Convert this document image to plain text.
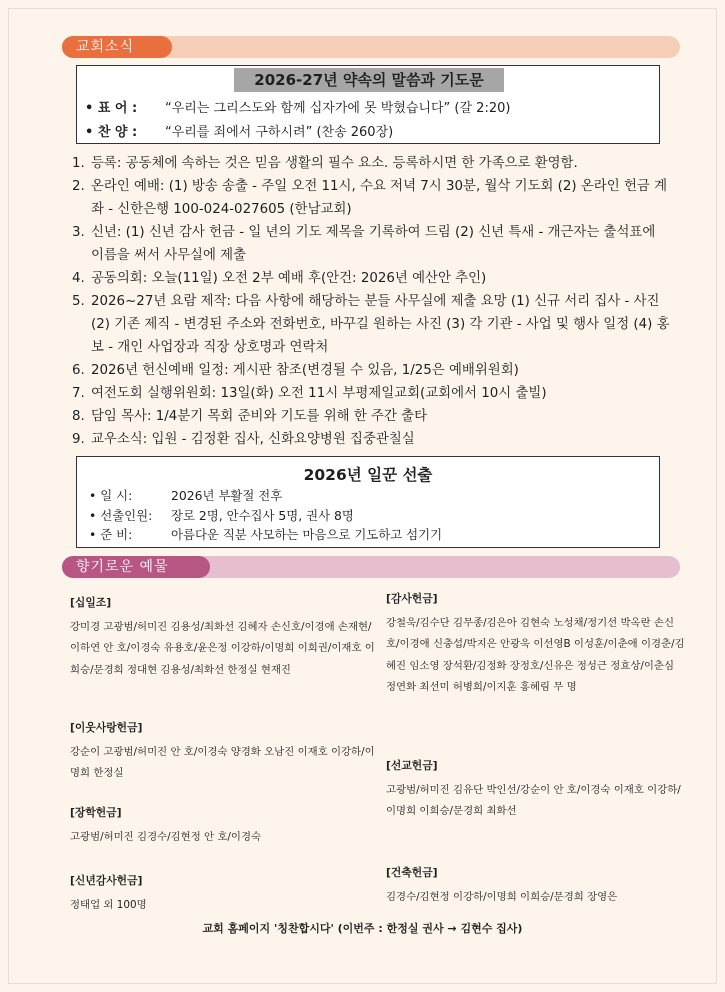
교회소식
2026-27년 약속의 말씀과 기도문
• 표 어 : “우리는 그리스도와 함께 십자가에 못 박혔습니다” (갈 2:20)
• 찬 양 : “우리를 죄에서 구하시려” (찬송 260장)
1. 등록: 공동체에 속하는 것은 믿음 생활의 필수 요소. 등록하시면 한 가족으로 환영함.
2. 온라인 예배: (1) 방송 송출 - 주일 오전 11시, 수요 저녁 7시 30분, 월삭 기도회 (2) 온라인 헌금 계좌 - 신한은행 100-024-027605 (한남교회)
3. 신년: (1) 신년 감사 헌금 - 일 년의 기도 제목을 기록하여 드림 (2) 신년 특새 - 개근자는 출석표에 이름을 써서 사무실에 제출
4. 공동의회: 오늘(11일) 오전 2부 예배 후(안건: 2026년 예산안 추인)
5. 2026~27년 요람 제작: 다음 사항에 해당하는 분들 사무실에 제출 요망 (1) 신규 서리 집사 - 사진 (2) 기존 제직 - 변경된 주소와 전화번호, 바꾸길 원하는 사진 (3) 각 기관 - 사업 및 행사 일정 (4) 홍보 - 개인 사업장과 직장 상호명과 연락처
6. 2026년 헌신예배 일정: 게시판 참조(변경될 수 있음, 1/25은 예배위원회)
7. 여전도회 실행위원회: 13일(화) 오전 11시 부평제일교회(교회에서 10시 출빌)
8. 담임 목사: 1/4분기 목회 준비와 기도를 위해 한 주간 출타
9. 교우소식: 입원 - 김정환 집사, 신화요양병원 집중관칠실
2026년 일꾼 선출
• 일 시:	2026년 부활절 전후
• 선출인원: 장로 2명, 안수집사 5명, 권사 8명
• 준 비:	아름다운 직분 사모하는 마음으로 기도하고 섬기기
향기로운 예물
[십일조]
강미경 고광범/허미진 김용성/최화선 김혜자 손신호/이경애 손재현/이하연 안 호/이경숙 유용호/윤은정 이강하/이명희 이희권/이재호 이희승/문경희 정대현 김용성/최화선 한정실 현재진
[이웃사랑헌금]
강순이 고광범/허미진 안 호/이경숙 양경화 오남진 이재호 이강하/이명희 한정실
[장학헌금]
고광범/허미진 김경수/김현정 안 호/이경숙
[신년감사헌금]
정태업 외 100명
[감사헌금]
강철욱/김수단 김무종/김은아 김현숙 노성채/정기선 박옥란 손신호/이경애 신충섭/박지은 안광욱 이선영B 이성훈/이춘애 이경춘/김혜진 임소영 장석환/김정화 장정호/신유은 정성근 정효상/이춘심 정연화 최선미 허병희/이지훈 홍혜림 무 명
[선교헌금]
고광범/허미진 김유단 박인선/강순이 안 호/이경숙 이재호 이강하/이명희 이희승/문경희 최화선
[건축헌금]
김경수/김현정 이강하/이명희 이희승/문경희 장영은
교회 홈페이지 '칭찬합시다' (이번주 : 한정실 권사 → 김현수 집사)
